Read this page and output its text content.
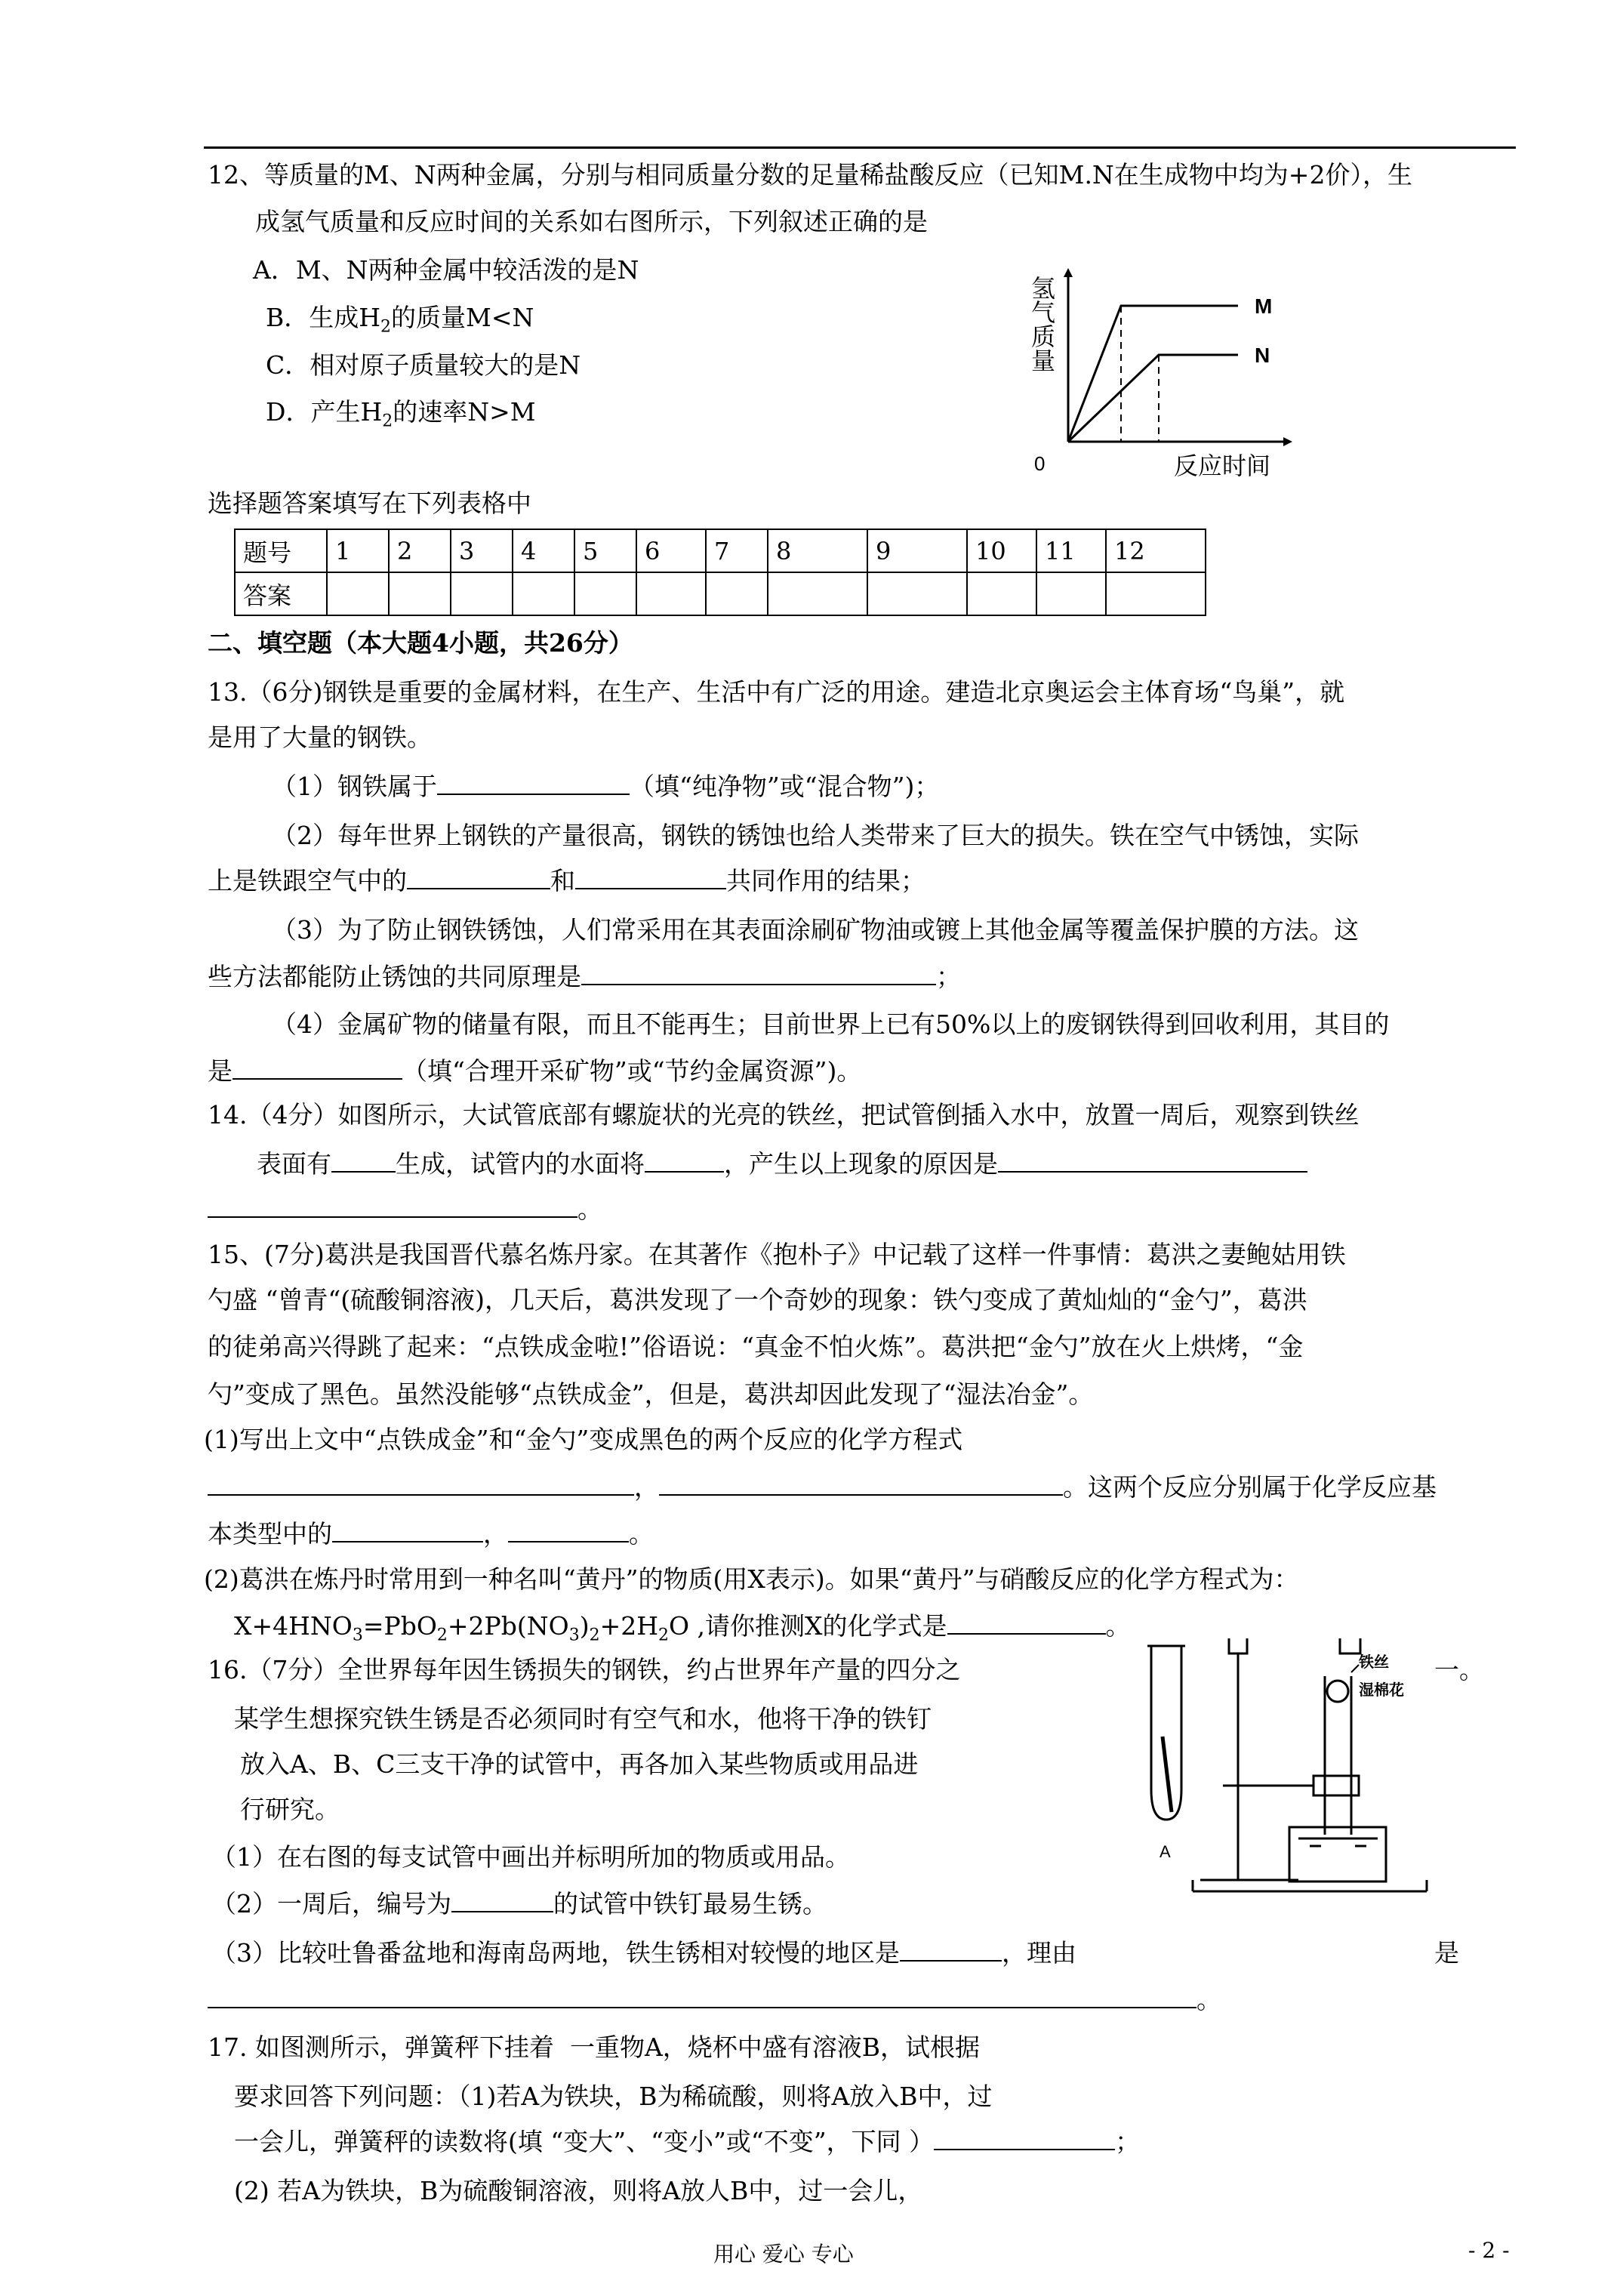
12、等质量的M、N两种金属，分别与相同质量分数的足量稀盐酸反应（已知M.N在生成物中均为+2价），生
成氢气质量和反应时间的关系如右图所示，下列叙述正确的是
A．M、N两种金属中较活泼的是N
B．生成$H_2$的质量M<N
C．相对原子质量较大的是N
D．产生$H_2$的速率N>M
M
N
0	反应时间
氢气质量
选择题答案填写在下列表格中
题号	1	2	3	4	5	6	7	8	9	10	11	12
答案												
二、填空题（本大题4小题，共26分）
13.（6分)钢铁是重要的金属材料，在生产、生活中有广泛的用途。建造北京奥运会主体育场“鸟巢”，就
是用了大量的钢铁。
（1）钢铁属于	（填“纯净物”或“混合物”)；
（2）每年世界上钢铁的产量很高，钢铁的锈蚀也给人类带来了巨大的损失。铁在空气中锈蚀，实际
上是铁跟空气中的	和	共同作用的结果；
（3）为了防止钢铁锈蚀，人们常采用在其表面涂刷矿物油或镀上其他金属等覆盖保护膜的方法。这
些方法都能防止锈蚀的共同原理是	；
（4）金属矿物的储量有限，而且不能再生；目前世界上已有50%以上的废钢铁得到回收利用，其目的
是	（填“合理开采矿物”或“节约金属资源”)。
14.（4分）如图所示，大试管底部有螺旋状的光亮的铁丝，把试管倒插入水中，放置一周后，观察到铁丝
表面有	生成，试管内的水面将	，产生以上现象的原因是
。
15、(7分)葛洪是我国晋代慕名炼丹家。在其著作《抱朴子》中记载了这样一件事情：葛洪之妻鲍姑用铁
勺盛 “曾青“(硫酸铜溶液)，几天后，葛洪发现了一个奇妙的现象：铁勺变成了黄灿灿的“金勺”，葛洪
的徒弟高兴得跳了起来：“点铁成金啦!”俗语说：“真金不怕火炼”。葛洪把“金勺”放在火上烘烤，“金
勺”变成了黑色。虽然没能够“点铁成金”，但是，葛洪却因此发现了“湿法冶金”。
(1)写出上文中“点铁成金”和“金勺”变成黑色的两个反应的化学方程式
，	。这两个反应分别属于化学反应基
本类型中的	，	。
(2)葛洪在炼丹时常用到一种名叫“黄丹”的物质(用X表示)。如果“黄丹”与硝酸反应的化学方程式为：
$X+4HNO_3=PbO_2+2Pb(NO_3)_2+2H_2O$ ,请你推测X的化学式是	。
16.（7分）全世界每年因生锈损失的钢铁，约占世界年产量的四分之	一。
某学生想探究铁生锈是否必须同时有空气和水，他将干净的铁钉
放入A、B、C三支干净的试管中，再各加入某些物质或用品进
行研究。
（1）在右图的每支试管中画出并标明所加的物质或用品。
（2）一周后，编号为	的试管中铁钉最易生锈。
（3）比较吐鲁番盆地和海南岛两地，铁生锈相对较慢的地区是	，理由	是
。
A
铁丝
湿棉花
17. 如图测所示，弹簧秤下挂着  一重物A，烧杯中盛有溶液B，试根据
要求回答下列问题：（1)若A为铁块，B为稀硫酸，则将A放入B中，过
一会儿，弹簧秤的读数将(填 “变大”、“变小”或“不变”，下同 ）	；
(2) 若A为铁块，B为硫酸铜溶液，则将A放人B中，过一会儿，
用心 爱心 专心	- 2 -
